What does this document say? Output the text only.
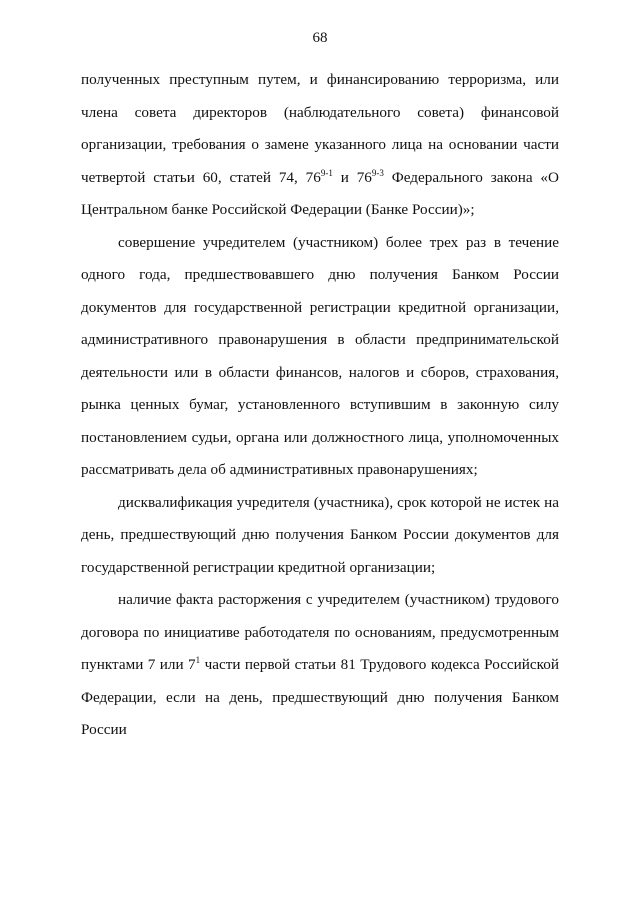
68

полученных преступным путем, и финансированию терроризма, или члена совета директоров (наблюдательного совета) финансовой организации, требования о замене указанного лица на основании части четвертой статьи 60, статей 74, 76$^{9-1}$ и 76$^{9-3}$ Федерального закона «О Центральном банке Российской Федерации (Банке России)»;

совершение учредителем (участником) более трех раз в течение одного года, предшествовавшего дню получения Банком России документов для государственной регистрации кредитной организации, административного правонарушения в области предпринимательской деятельности или в области финансов, налогов и сборов, страхования, рынка ценных бумаг, установленного вступившим в законную силу постановлением судьи, органа или должностного лица, уполномоченных рассматривать дела об административных правонарушениях;

дисквалификация учредителя (участника), срок которой не истек на день, предшествующий дню получения Банком России документов для государственной регистрации кредитной организации;

наличие факта расторжения с учредителем (участником) трудового договора по инициативе работодателя по основаниям, предусмотренным пунктами 7 или $7^1$ части первой статьи 81 Трудового кодекса Российской Федерации, если на день, предшествующий дню получения Банком России
